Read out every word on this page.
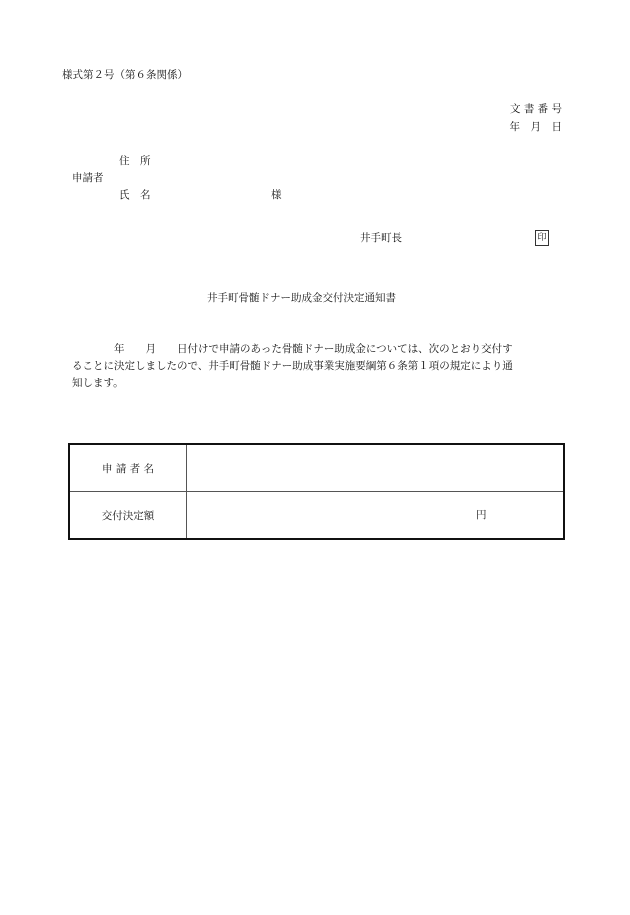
様式第２号（第６条関係）
文 書 番 号
年　月　日
住　所
申請者
氏　名	様
井手町長	印
井手町骨髄ドナー助成金交付決定通知書
　　　　年　　月　　日付けで申請のあった骨髄ドナー助成金については、次のとおり交付す
ることに決定しましたので、井手町骨髄ドナー助成事業実施要綱第６条第１項の規定により通
知します。
申 請 者 名	
交付決定額	円
